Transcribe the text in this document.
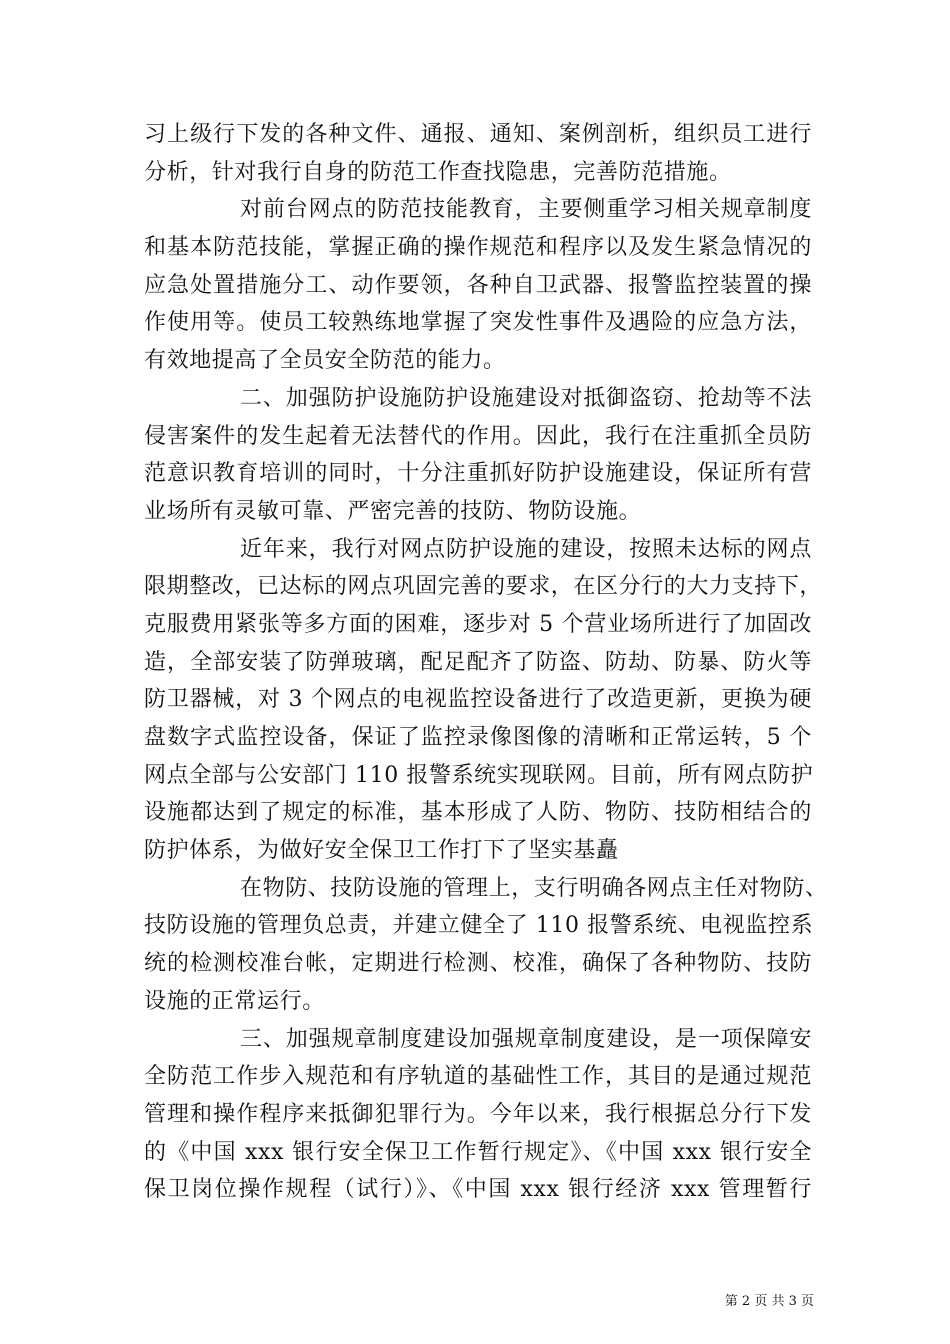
习上级行下发的各种文件、通报、通知、案例剖析，组织员工进行
分析，针对我行自身的防范工作查找隐患，完善防范措施。
对前台网点的防范技能教育，主要侧重学习相关规章制度
和基本防范技能，掌握正确的操作规范和程序以及发生紧急情况的
应急处置措施分工、动作要领，各种自卫武器、报警监控装置的操
作使用等。使员工较熟练地掌握了突发性事件及遇险的应急方法，
有效地提高了全员安全防范的能力。
二、加强防护设施防护设施建设对抵御盗窃、抢劫等不法
侵害案件的发生起着无法替代的作用。因此，我行在注重抓全员防
范意识教育培训的同时，十分注重抓好防护设施建设，保证所有营
业场所有灵敏可靠、严密完善的技防、物防设施。
近年来，我行对网点防护设施的建设，按照未达标的网点
限期整改，已达标的网点巩固完善的要求，在区分行的大力支持下，
克服费用紧张等多方面的困难，逐步对 5 个营业场所进行了加固改
造，全部安装了防弹玻璃，配足配齐了防盗、防劫、防暴、防火等
防卫器械，对 3 个网点的电视监控设备进行了改造更新，更换为硬
盘数字式监控设备，保证了监控录像图像的清晰和正常运转，5 个
网点全部与公安部门 110 报警系统实现联网。目前，所有网点防护
设施都达到了规定的标准，基本形成了人防、物防、技防相结合的
防护体系，为做好安全保卫工作打下了坚实基矗
在物防、技防设施的管理上，支行明确各网点主任对物防、
技防设施的管理负总责，并建立健全了 110 报警系统、电视监控系
统的检测校准台帐，定期进行检测、校准，确保了各种物防、技防
设施的正常运行。
三、加强规章制度建设加强规章制度建设，是一项保障安
全防范工作步入规范和有序轨道的基础性工作，其目的是通过规范
管理和操作程序来抵御犯罪行为。今年以来，我行根据总分行下发
的《中国 xxx 银行安全保卫工作暂行规定》、《中国 xxx 银行安全
保卫岗位操作规程（试行）》、《中国 xxx 银行经济 xxx 管理暂行
第 2 页 共 3 页
